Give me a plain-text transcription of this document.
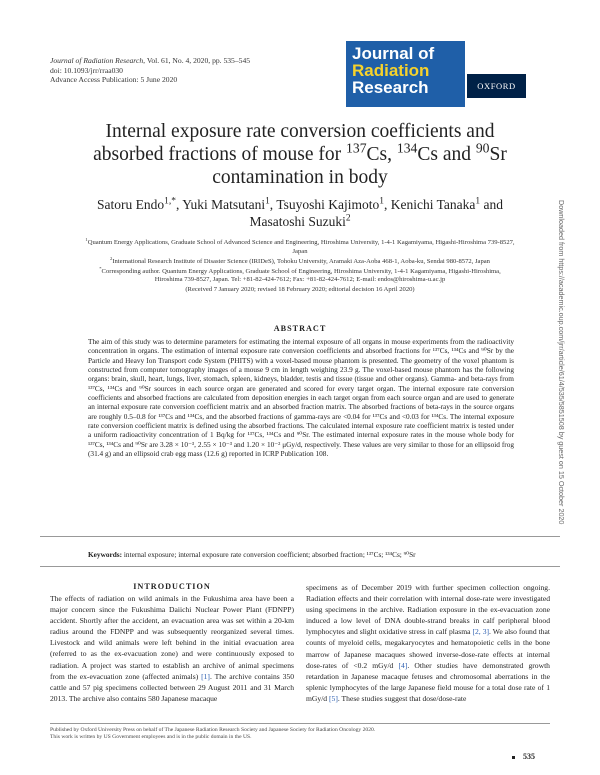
Journal of Radiation Research, Vol. 61, No. 4, 2020, pp. 535–545
doi: 10.1093/jrr/rraa030
Advance Access Publication: 5 June 2020
Journal of
Radiation
Research	OXFORD
Internal exposure rate conversion coefficients and
absorbed fractions of mouse for $^{137}$Cs, $^{134}$Cs and $^{90}$Sr
contamination in body
Satoru Endo$^{1,*}$, Yuki Matsutani$^1$, Tsuyoshi Kajimoto$^1$, Kenichi Tanaka$^1$ and
Masatoshi Suzuki$^2$

$^1$Quantum Energy Applications, Graduate School of Advanced Science and Engineering, Hiroshima University, 1-4-1 Kagamiyama, Higashi-Hiroshima 739-8527, Japan

$^2$International Research Institute of Disaster Science (IRIDeS), Tohoku University, Aramaki Aza-Aoba 468-1, Aoba-ku, Sendai 980-8572, Japan

*Corresponding author. Quantum Energy Applications, Graduate School of Engineering, Hiroshima University, 1-4-1 Kagamiyama, Higashi-Hiroshima, Hiroshima 739-8527, Japan. Tel: +81-82-424-7612; Fax: +81-82-424-7612; E-mail: endos@hiroshima-u.ac.jp

(Received 7 January 2020; revised 18 February 2020; editorial decision 16 April 2020)

ABSTRACT
The aim of this study was to determine parameters for estimating the internal exposure of all organs in mouse experiments from the radioactivity concentration in organs. The estimation of internal exposure rate conversion coefficients and absorbed fractions for ¹³⁷Cs, ¹³⁴Cs and ⁹⁰Sr by the Particle and Heavy Ion Transport code System (PHITS) with a voxel-based mouse phantom is presented. The geometry of the voxel phantom is constructed from computer tomography images of a mouse 9 cm in length weighing 23.9 g. The voxel-based mouse phantom has the following organs: brain, skull, heart, lungs, liver, stomach, spleen, kidneys, bladder, testis and tissue (tissue and other organs). Gamma- and beta-rays from ¹³⁷Cs, ¹³⁴Cs and ⁹⁰Sr sources in each source organ are generated and scored for every target organ. The internal exposure rate conversion coefficients and absorbed fractions are calculated from deposition energies in each target organ from each source organ and are used to generate an internal exposure rate conversion coefficient matrix and an absorbed fraction matrix. The absorbed fractions of beta-rays in the source organs are roughly 0.5–0.8 for ¹³⁷Cs and ¹³⁴Cs, and the absorbed fractions of gamma-rays are <0.04 for ¹³⁷Cs and <0.03 for ¹³⁴Cs. The internal exposure rate conversion coefficient matrix is defined using the absorbed fractions. The calculated internal exposure rate coefficient matrix is tested under a uniform radioactivity concentration of 1 Bq/kg for ¹³⁷Cs, ¹³⁴Cs and ⁹⁰Sr. The estimated internal exposure rates in the mouse whole body for ¹³⁷Cs, ¹³⁴Cs and ⁹⁰Sr are 3.28 × 10⁻³, 2.55 × 10⁻³ and 1.20 × 10⁻² μGy/d, respectively. These values are very similar to those for an ellipsoid frog (31.4 g) and an ellipsoid crab egg mass (12.6 g) reported in ICRP Publication 108.
Keywords: internal exposure; internal exposure rate conversion coefficient; absorbed fraction; ¹³⁷Cs; ¹³⁴Cs; ⁹⁰Sr
INTRODUCTION
The effects of radiation on wild animals in the Fukushima area have been a major concern since the Fukushima Daiichi Nuclear Power Plant (FDNPP) accident. Shortly after the accident, an evacuation area was set within a 20-km radius around the FDNPP and was subsequently reorganized several times. Livestock and wild animals were left behind in the initial evacuation area (referred to as the ex-evacuation zone) and were continuously exposed to radiation. A project was started to establish an archive of animal specimens from the ex-evacuation zone (affected animals) [1]. The archive contains 350 cattle and 57 pig specimens collected between 29 August 2011 and 31 March 2013. The archive also contains 580 Japanese macaque
specimens as of December 2019 with further specimen collection ongoing. Radiation effects and their correlation with internal dose-rate were investigated using specimens in the archive. Radiation exposure in the ex-evacuation zone induced a low level of DNA double-strand breaks in calf peripheral blood lymphocytes and slight oxidative stress in calf plasma [2, 3]. We also found that counts of myeloid cells, megakaryocytes and hematopoietic cells in the bone marrow of Japanese macaques showed inverse-dose-rate effects at internal dose-rates of <0.2 mGy/d [4]. Other studies have demonstrated growth retardation in Japanese macaque fetuses and chromosomal aberrations in the splenic lymphocytes of the large Japanese field mouse for a total dose rate of 1 mGy/d [5]. These studies suggest that dose/dose-rate
Published by Oxford University Press on behalf of The Japanese Radiation Research Society and Japanese Society for Radiation Oncology 2020.
This work is written by US Government employees and is in the public domain in the US.
535
Downloaded from https://academic.oup.com/jrr/article/61/4/535/5851508 by guest on 15 October 2020
